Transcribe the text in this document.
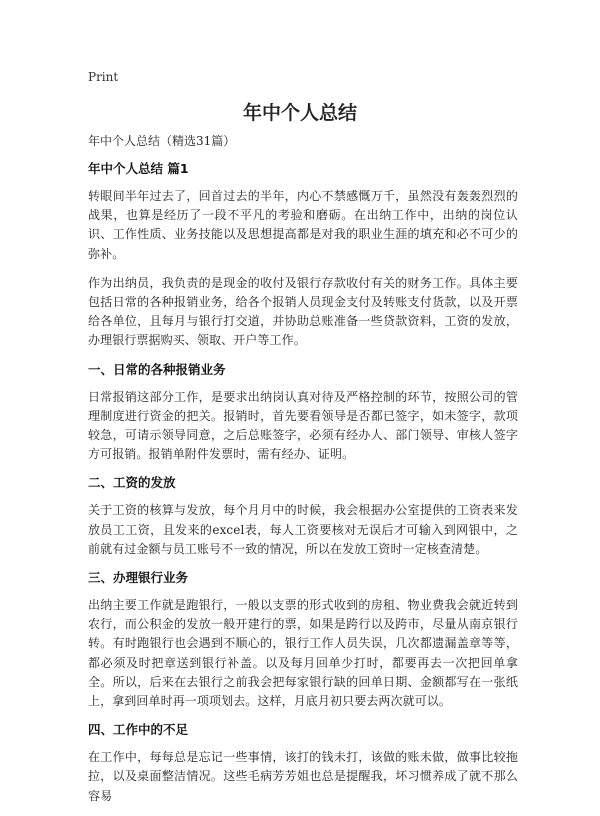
Print
年中个人总结

年中个人总结（精选31篇）

年中个人总结 篇1

转眼间半年过去了，回首过去的半年，内心不禁感慨万千，虽然没有轰轰烈烈的战果，也算是经历了一段不平凡的考验和磨砺。在出纳工作中，出纳的岗位认识、工作性质、业务技能以及思想提高都是对我的职业生涯的填充和必不可少的弥补。

作为出纳员，我负责的是现金的收付及银行存款收付有关的财务工作。具体主要包括日常的各种报销业务，给各个报销人员现金支付及转账支付货款，以及开票给各单位，且每月与银行打交道，并协助总账准备一些贷款资料，工资的发放，办理银行票据购买、领取、开户等工作。

一、日常的各种报销业务

日常报销这部分工作，是要求出纳岗认真对待及严格控制的环节，按照公司的管理制度进行资金的把关。报销时，首先要看领导是否都已签字，如未签字，款项较急，可请示领导同意，之后总账签字，必须有经办人、部门领导、审核人签字方可报销。报销单附件发票时，需有经办、证明。

二、工资的发放

关于工资的核算与发放，每个月月中的时候，我会根据办公室提供的工资表来发放员工工资，且发来的excel表，每人工资要核对无误后才可输入到网银中，之前就有过金额与员工账号不一致的情况，所以在发放工资时一定核查清楚。

三、办理银行业务

出纳主要工作就是跑银行，一般以支票的形式收到的房租、物业费我会就近转到农行，而公积金的发放一般开建行的票，如果是跨行以及跨市，尽量从南京银行转。有时跑银行也会遇到不顺心的，银行工作人员失误，几次都遗漏盖章等等，都必须及时把章送到银行补盖。以及每月回单少打时，都要再去一次把回单拿全。所以，后来在去银行之前我会把每家银行缺的回单日期、金额都写在一张纸上，拿到回单时再一项项划去。这样，月底月初只要去两次就可以。

四、工作中的不足

在工作中，每每总是忘记一些事情，该打的钱未打，该做的账未做，做事比较拖拉，以及桌面整洁情况。这些毛病芳芳姐也总是提醒我，坏习惯养成了就不那么容易
